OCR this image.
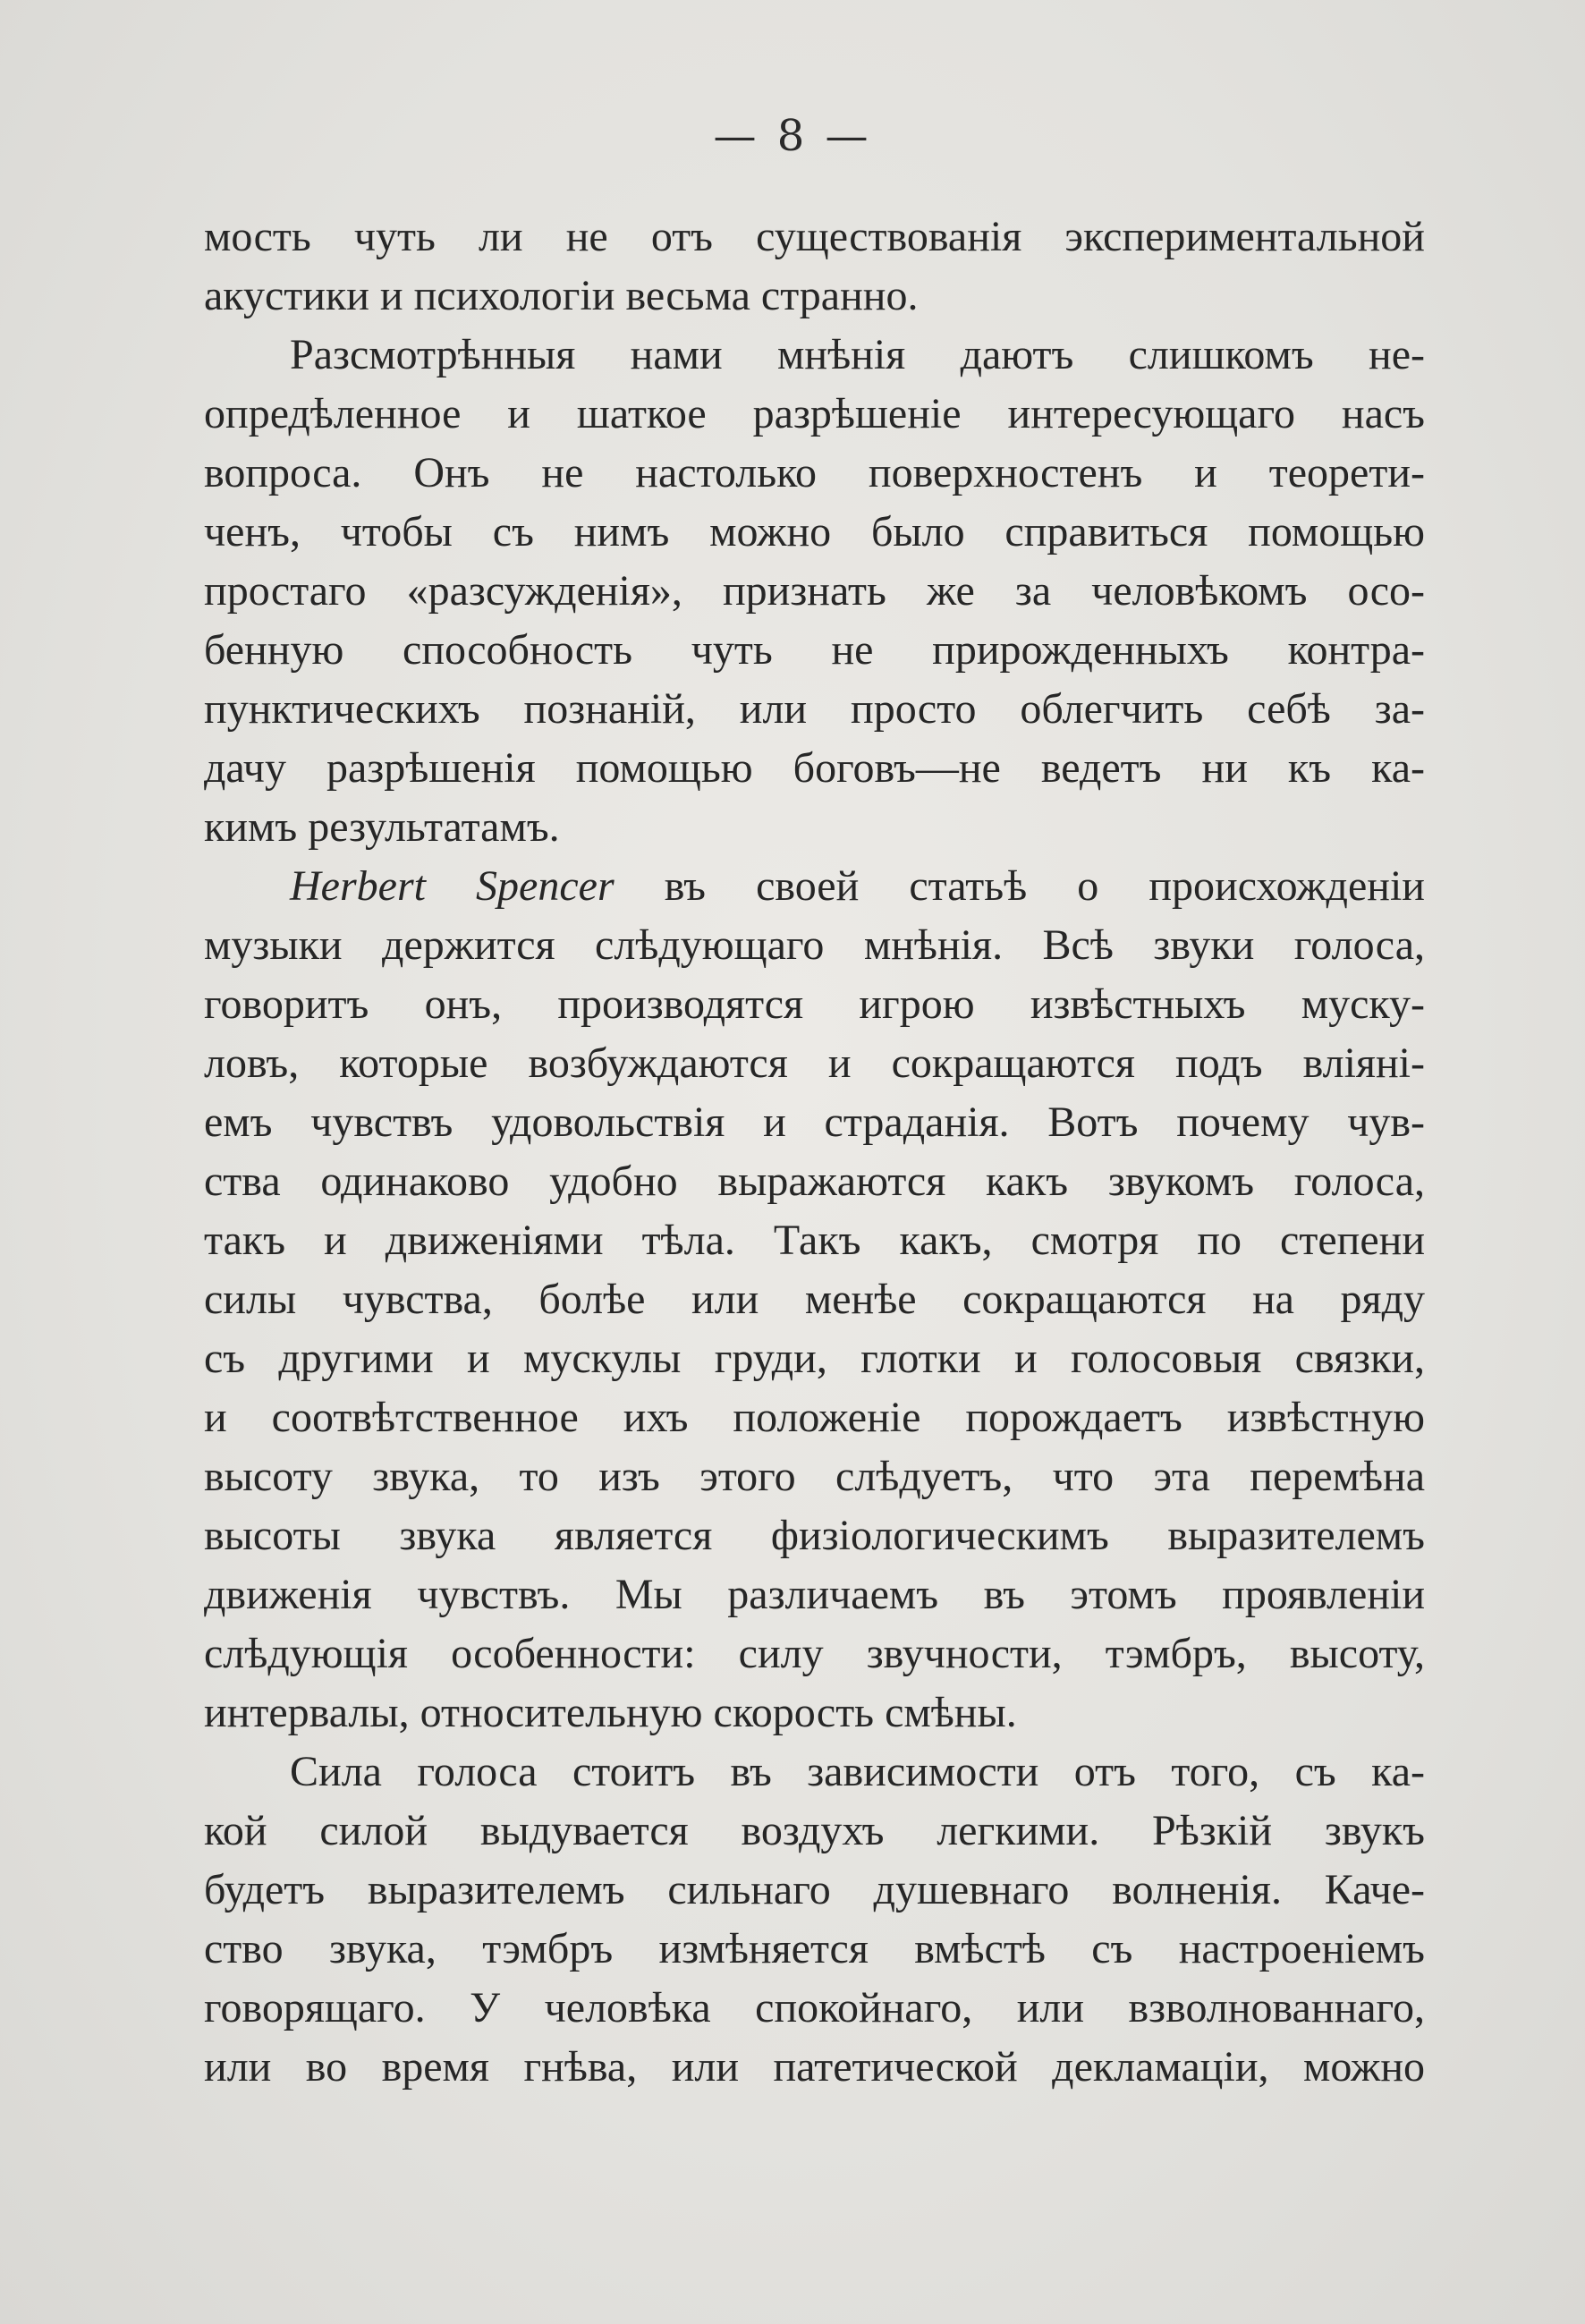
— 8 —
мость чуть ли не отъ существованія экспериментальной
акустики и психологіи весьма странно.
Разсмотрѣнныя нами мнѣнія даютъ слишкомъ не-
опредѣленное и шаткое разрѣшеніе интересующаго насъ
вопроса. Онъ не настолько поверхностенъ и теорети-
ченъ, чтобы съ нимъ можно было справиться помощью
простаго «разсужденія», признать же за человѣкомъ осо-
бенную способность чуть не прирожденныхъ контра-
пунктическихъ познаній, или просто облегчить себѣ за-
дачу разрѣшенія помощью боговъ—не ведетъ ни къ ка-
кимъ результатамъ.
Herbert Spencer въ своей статьѣ о происхожденіи
музыки держится слѣдующаго мнѣнія. Всѣ звуки голоса,
говоритъ онъ, производятся игрою извѣстныхъ муску-
ловъ, которые возбуждаются и сокращаются подъ вліяні-
емъ чувствъ удовольствія и страданія. Вотъ почему чув-
ства одинаково удобно выражаются какъ звукомъ голоса,
такъ и движеніями тѣла. Такъ какъ, смотря по степени
силы чувства, болѣе или менѣе сокращаются на ряду
съ другими и мускулы груди, глотки и голосовыя связки,
и соотвѣтственное ихъ положеніе порождаетъ извѣстную
высоту звука, то изъ этого слѣдуетъ, что эта перемѣна
высоты звука является физіологическимъ выразителемъ
движенія чувствъ. Мы различаемъ въ этомъ проявленіи
слѣдующія особенности: силу звучности, тэмбръ, высоту,
интервалы, относительную скорость смѣны.
Сила голоса стоитъ въ зависимости отъ того, съ ка-
кой силой выдувается воздухъ легкими. Рѣзкій звукъ
будетъ выразителемъ сильнаго душевнаго волненія. Каче-
ство звука, тэмбръ измѣняется вмѣстѣ съ настроеніемъ
говорящаго. У человѣка спокойнаго, или взволнованнаго,
или во время гнѣва, или патетической декламаціи, можно
